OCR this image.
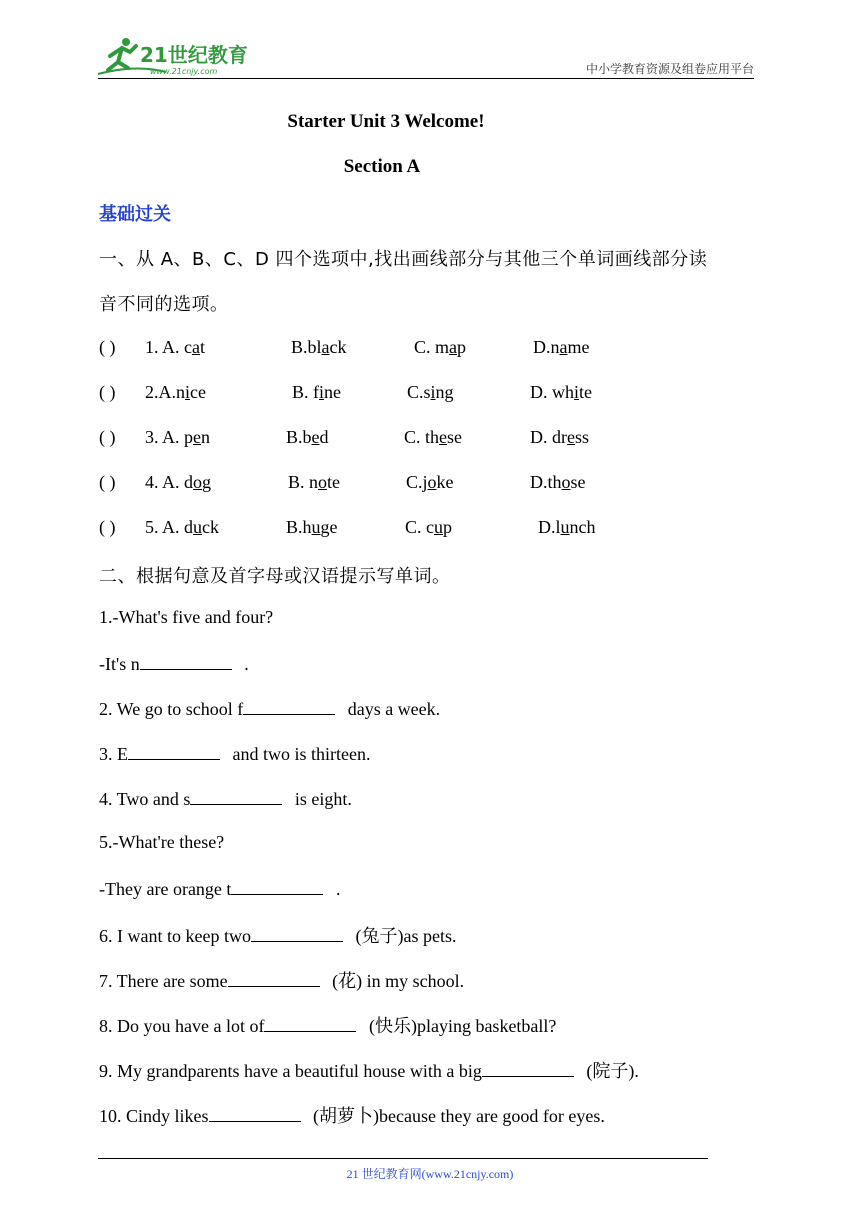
21世纪教育
www.21cnjy.com	中小学教育资源及组卷应用平台
Starter Unit 3 Welcome!
Section A
基础过关
一、从 A、B、C、D 四个选项中,找出画线部分与其他三个单词画线部分读
音不同的选项。
( ) 1. A. cat	B.black	C. map	D.name
( ) 2.A.nice	B. fine	C.sing	D. white
( ) 3. A. pen	B.bed	C. these	D. dress
( ) 4. A. dog	B. note	C.joke	D.those
( ) 5. A. duck	B.huge	C. cup	D.lunch
二、根据句意及首字母或汉语提示写单词。
1.-What's five and four?
-It's n	.
2. We go to school f	days a week.
3. E	and two is thirteen.
4. Two and s	is eight.
5.-What're these?
-They are orange t	.
6. I want to keep two	(兔子)as pets.
7. There are some	(花) in my school.
8. Do you have a lot of	(快乐)playing basketball?
9. My grandparents have a beautiful house with a big	(院子).
10. Cindy likes	(胡萝卜)because they are good for eyes.
21 世纪教育网(www.21cnjy.com)
